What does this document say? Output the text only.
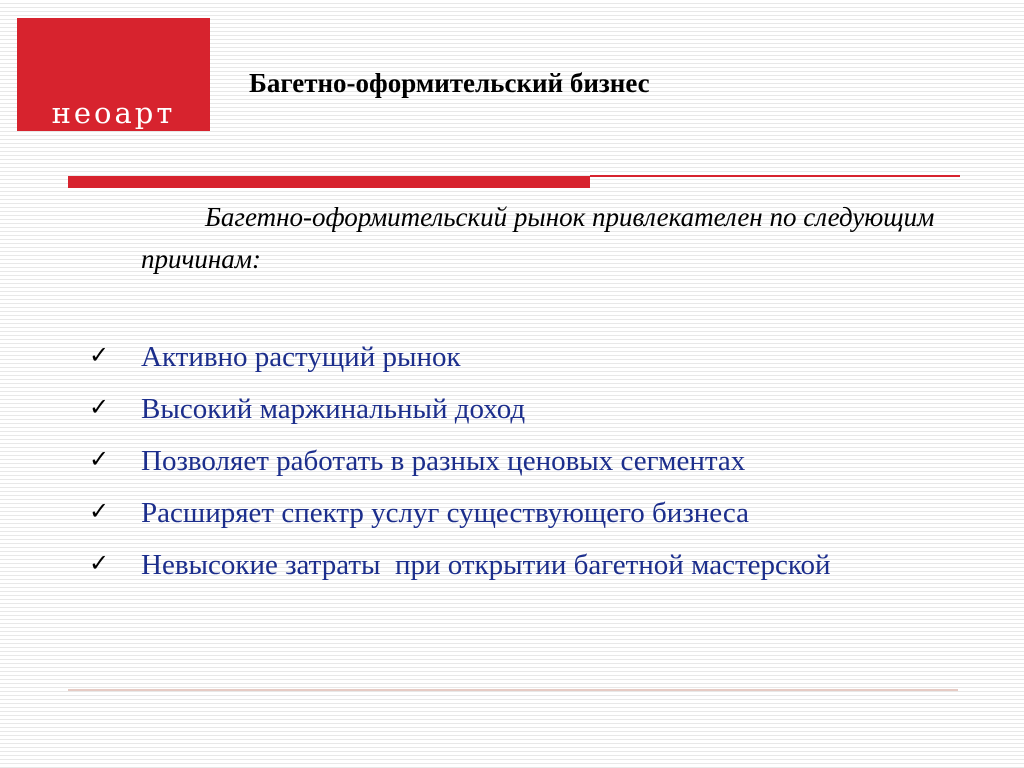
неоарт
Багетно-оформительский бизнес
Багетно-оформительский рынок привлекателен по следующим причинам:
✓ Активно растущий рынок
✓ Высокий маржинальный доход
✓ Позволяет работать в разных ценовых сегментах
✓ Расширяет спектр услуг существующего бизнеса
✓ Невысокие затраты  при открытии багетной мастерской
